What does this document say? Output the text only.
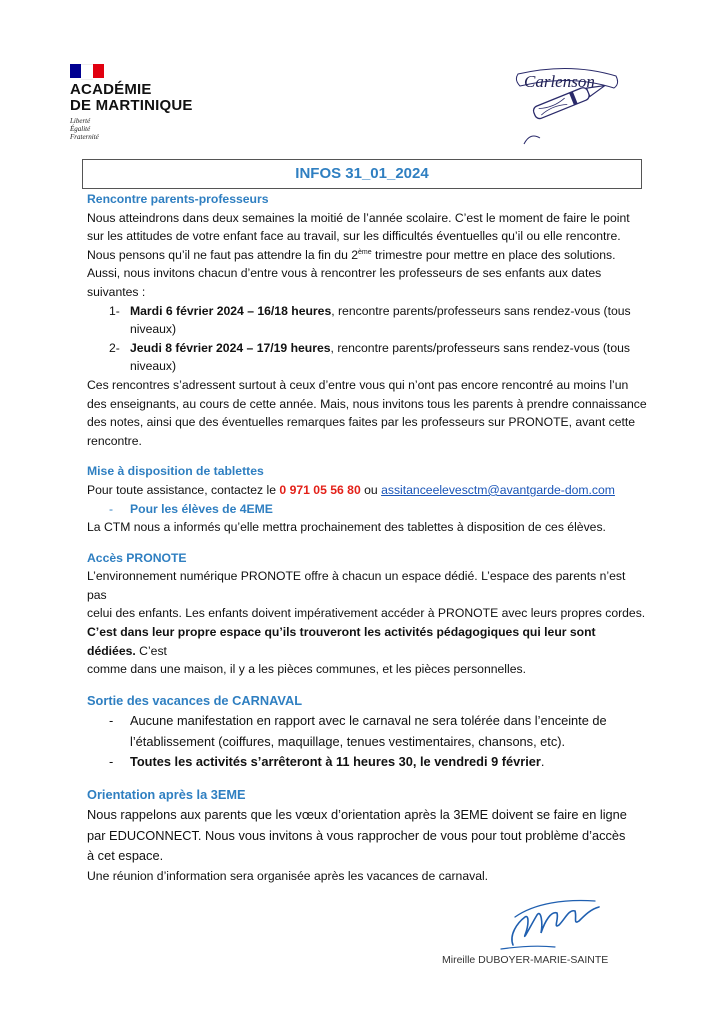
ACADÉMIE
DE MARTINIQUE
Liberté
Égalité
Fraternité
Carlenson
INFOS 31_01_2024
Rencontre parents-professeurs
Nous atteindrons dans deux semaines la moitié de l’année scolaire. C’est le moment de faire le point
sur les attitudes de votre enfant face au travail, sur les difficultés éventuelles qu’il ou elle rencontre.
Nous pensons qu’il ne faut pas attendre la fin du 2ème trimestre pour mettre en place des solutions.
Aussi, nous invitons chacun d’entre vous à rencontrer les professeurs de ses enfants aux dates
suivantes :
1- Mardi 6 février 2024 – 16/18 heures, rencontre parents/professeurs sans rendez-vous (tous
niveaux)
2- Jeudi 8 février 2024 – 17/19 heures, rencontre parents/professeurs sans rendez-vous (tous
niveaux)
Ces rencontres s’adressent surtout à ceux d’entre vous qui n’ont pas encore rencontré au moins l’un
des enseignants, au cours de cette année. Mais, nous invitons tous les parents à prendre connaissance
des notes, ainsi que des éventuelles remarques faites par les professeurs sur PRONOTE, avant cette
rencontre.
Mise à disposition de tablettes
Pour toute assistance, contactez le 0 971 05 56 80 ou assitanceelevesctm@avantgarde-dom.com
- Pour les élèves de 4EME
La CTM nous a informés qu’elle mettra prochainement des tablettes à disposition de ces élèves.
Accès PRONOTE
L’environnement numérique PRONOTE offre à chacun un espace dédié. L’espace des parents n’est pas
celui des enfants. Les enfants doivent impérativement accéder à PRONOTE avec leurs propres cordes.
C’est dans leur propre espace qu’ils trouveront les activités pédagogiques qui leur sont dédiées. C’est
comme dans une maison, il y a les pièces communes, et les pièces personnelles.
Sortie des vacances de CARNAVAL
- Aucune manifestation en rapport avec le carnaval ne sera tolérée dans l’enceinte de
l’établissement (coiffures, maquillage, tenues vestimentaires, chansons, etc).
- Toutes les activités s’arrêteront à 11 heures 30, le vendredi 9 février.
Orientation après la 3EME
Nous rappelons aux parents que les vœux d’orientation après la 3EME doivent se faire en ligne
par EDUCONNECT. Nous vous invitons à vous rapprocher de vous pour tout problème d’accès
à cet espace.
Une réunion d’information sera organisée après les vacances de carnaval.
Mireille DUBOYER-MARIE-SAINTE
